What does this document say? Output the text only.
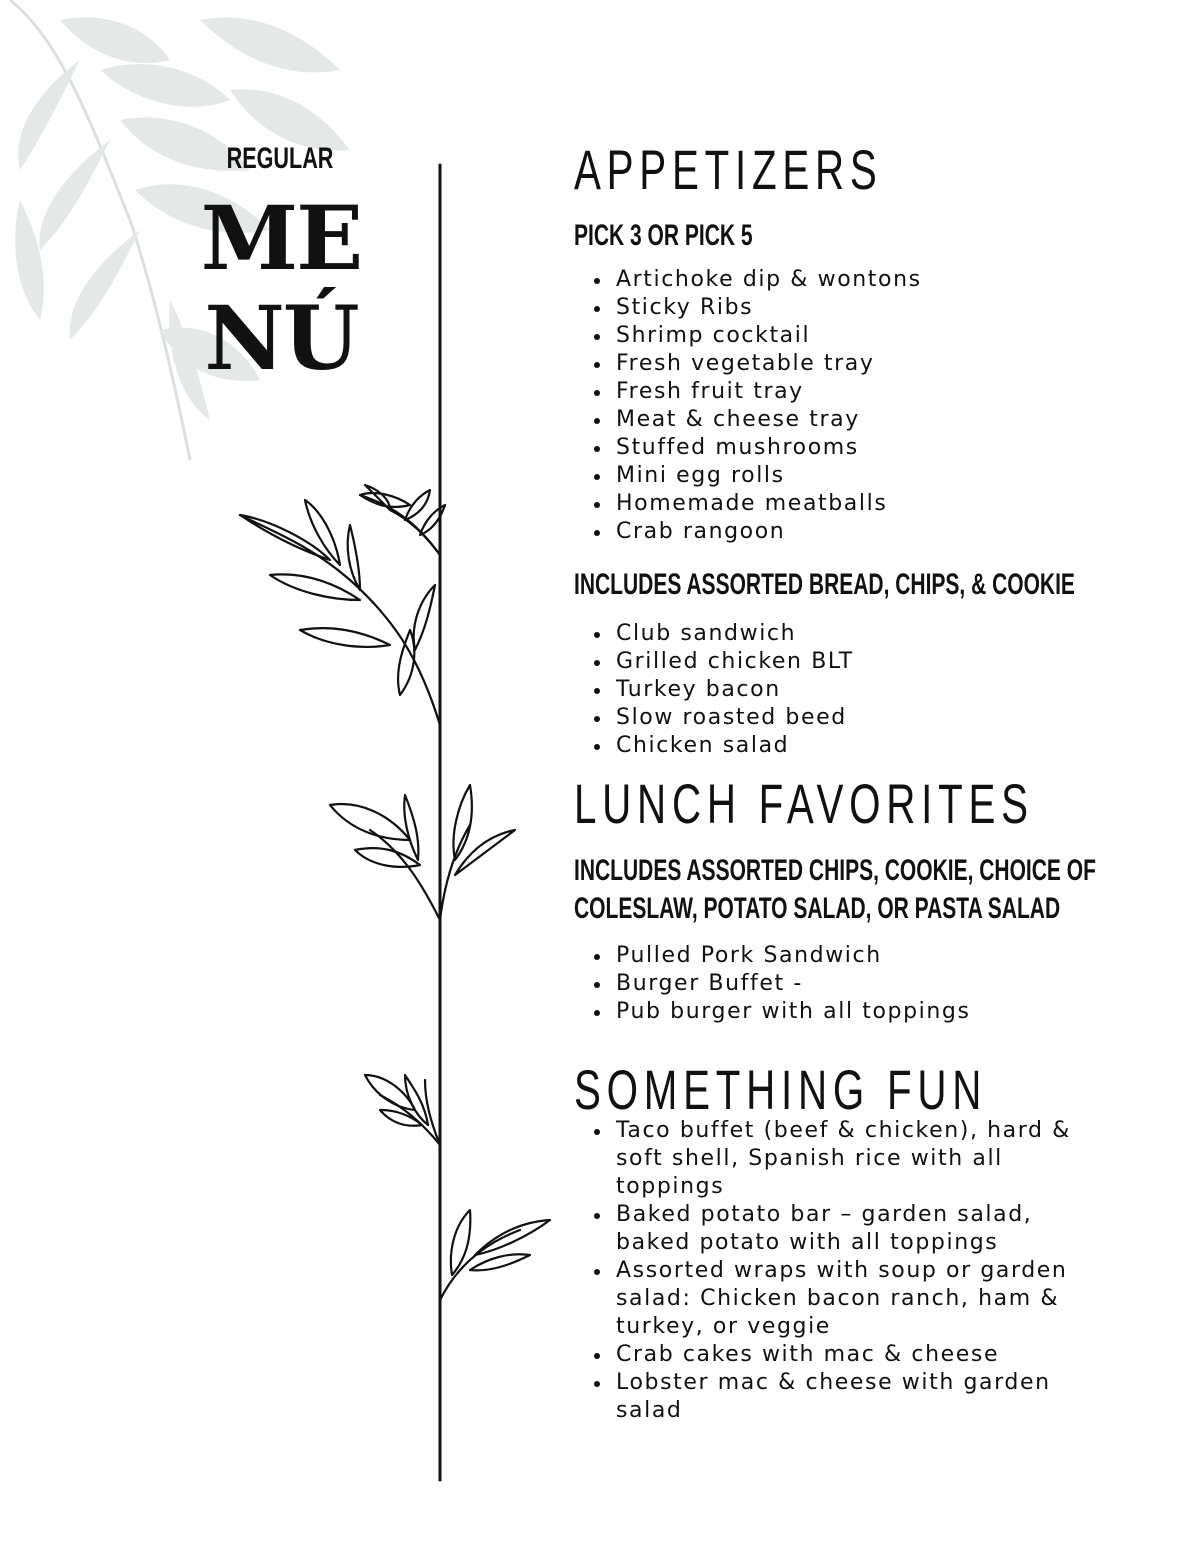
REGULAR
ME
NÚ
APPETIZERS
PICK 3 OR PICK 5
Artichoke dip & wontons
Sticky Ribs
Shrimp cocktail
Fresh vegetable tray
Fresh fruit tray
Meat & cheese tray
Stuffed mushrooms
Mini egg rolls
Homemade meatballs
Crab rangoon
INCLUDES ASSORTED BREAD, CHIPS, & COOKIE
Club sandwich
Grilled chicken BLT
Turkey bacon
Slow roasted beed
Chicken salad
LUNCH FAVORITES
INCLUDES ASSORTED CHIPS, COOKIE, CHOICE OF
COLESLAW, POTATO SALAD, OR PASTA SALAD
Pulled Pork Sandwich
Burger Buffet -
Pub burger with all toppings
SOMETHING FUN
Taco buffet (beef & chicken), hard & soft shell, Spanish rice with all toppings
Baked potato bar – garden salad, baked potato with all toppings
Assorted wraps with soup or garden salad: Chicken bacon ranch, ham & turkey, or veggie
Crab cakes with mac & cheese
Lobster mac & cheese with garden salad
